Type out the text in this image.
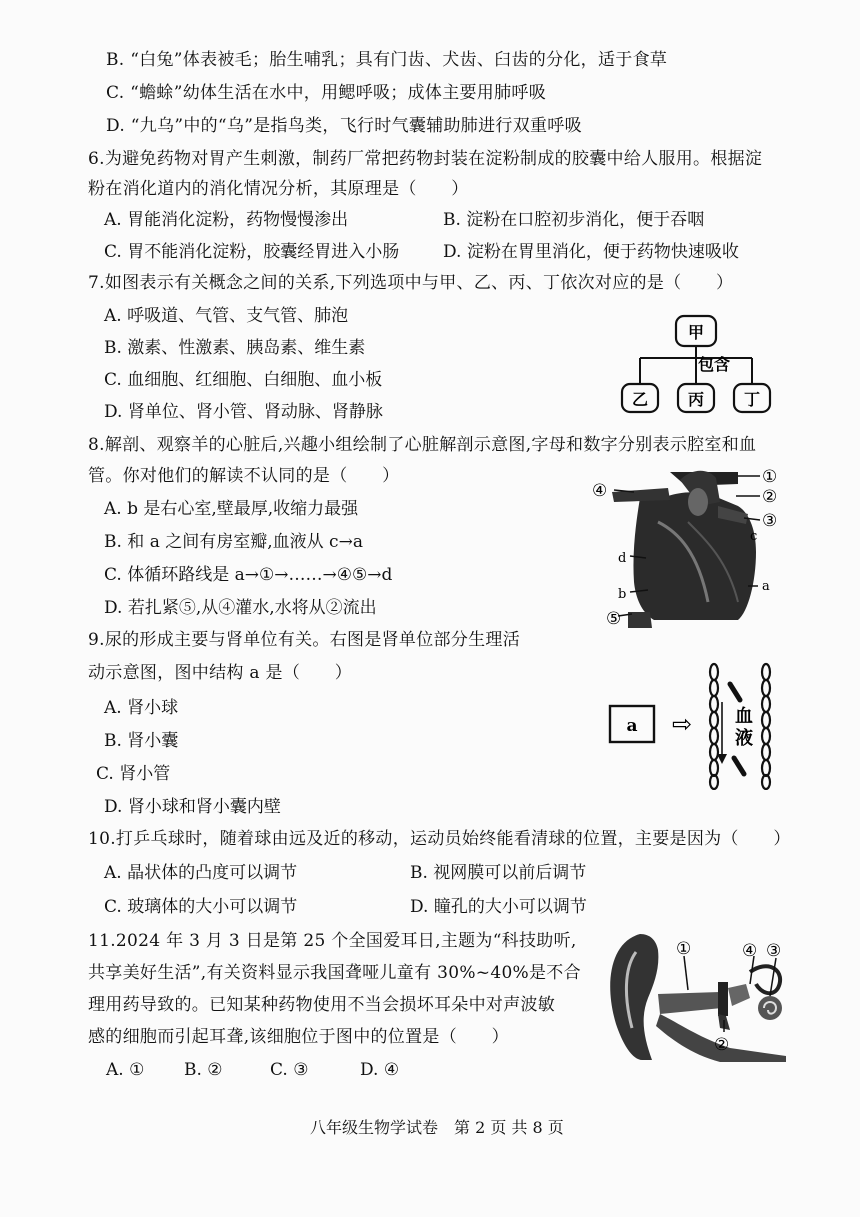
B. “白兔”体表被毛；胎生哺乳；具有门齿、犬齿、臼齿的分化，适于食草
C. “蟾蜍”幼体生活在水中，用鳃呼吸；成体主要用肺呼吸
D. “九乌”中的“乌”是指鸟类，飞行时气囊辅助肺进行双重呼吸
6.为避免药物对胃产生刺激，制药厂常把药物封装在淀粉制成的胶囊中给人服用。根据淀
粉在消化道内的消化情况分析，其原理是（　　）
A. 胃能消化淀粉，药物慢慢渗出	B. 淀粉在口腔初步消化，便于吞咽
C. 胃不能消化淀粉，胶囊经胃进入小肠	D. 淀粉在胃里消化，便于药物快速吸收
7.如图表示有关概念之间的关系,下列选项中与甲、乙、丙、丁依次对应的是（　　）
A. 呼吸道、气管、支气管、肺泡
B. 激素、性激素、胰岛素、维生素
C. 血细胞、红细胞、白细胞、血小板
D. 肾单位、肾小管、肾动脉、肾静脉
甲
包含
乙 丙 丁
8.解剖、观察羊的心脏后,兴趣小组绘制了心脏解剖示意图,字母和数字分别表示腔室和血
管。你对他们的解读不认同的是（　　）
A. b 是右心室,壁最厚,收缩力最强
B. 和 a 之间有房室瓣,血液从 c→a
C. 体循环路线是 a→①→……→④⑤→d
D. 若扎紧⑤,从④灌水,水将从②流出
①
②
③
④
⑤
a
b
c
d
9.尿的形成主要与肾单位有关。右图是肾单位部分生理活
动示意图，图中结构 a 是（　　）
A. 肾小球
B. 肾小囊
C. 肾小管
D. 肾小球和肾小囊内壁
a ⇨ 血
液
10.打乒乓球时，随着球由远及近的移动，运动员始终能看清球的位置，主要是因为（　　）
A. 晶状体的凸度可以调节	B. 视网膜可以前后调节
C. 玻璃体的大小可以调节	D. 瞳孔的大小可以调节
11.2024 年 3 月 3 日是第 25 个全国爱耳日,主题为“科技助听,
共享美好生活”,有关资料显示我国聋哑儿童有 30%~40%是不合
理用药导致的。已知某种药物使用不当会损坏耳朵中对声波敏
感的细胞而引起耳聋,该细胞位于图中的位置是（　　）
A. ① B. ②	C. ③	D. ④
①	④ ③
②
八年级生物学试卷　第 2 页 共 8 页
